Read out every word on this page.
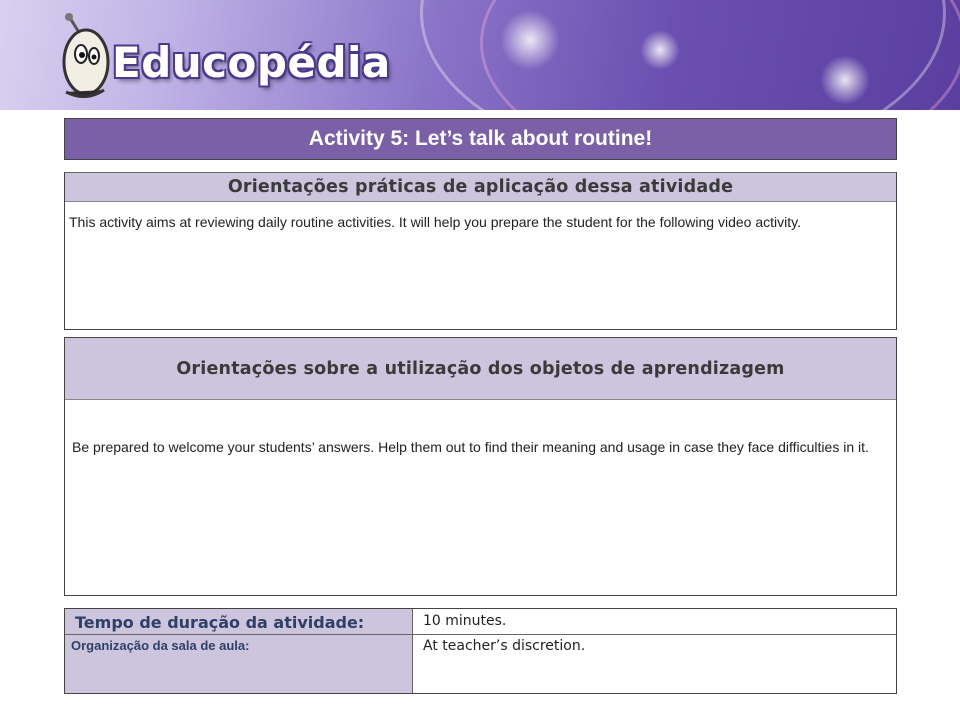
Educopédia
Activity 5: Let’s talk about routine!
Orientações práticas de aplicação dessa atividade
This activity aims at reviewing daily routine activities. It will help you prepare the student for the following video activity.
Orientações sobre a utilização dos objetos de aprendizagem
Be prepared to welcome your students’ answers. Help them out to find their meaning and usage in case they face difficulties in it.
Tempo de duração da atividade:	10 minutes.
Organização da sala de aula:	At teacher’s discretion.
